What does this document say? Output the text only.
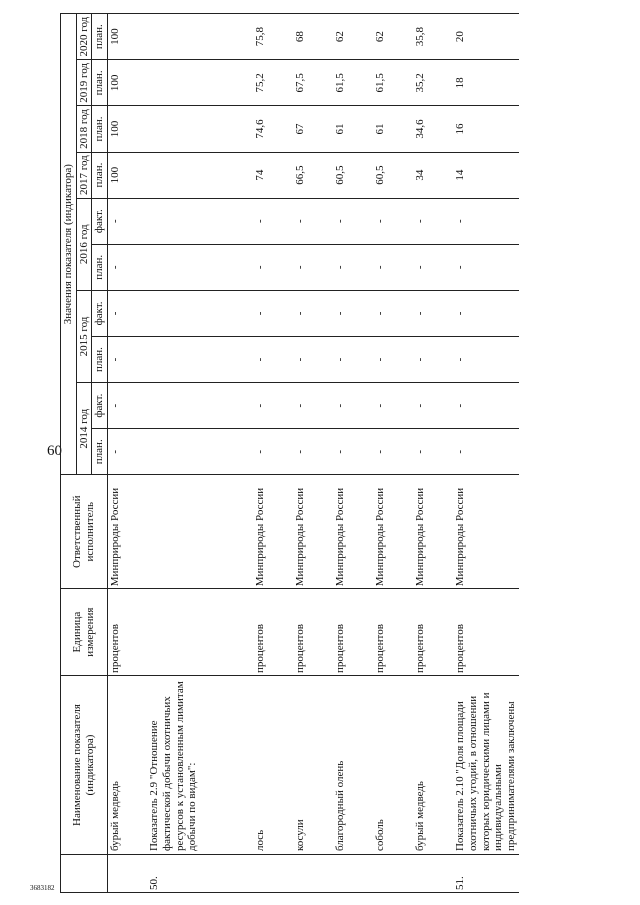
60
	Наименование показателя (индикатора)	Единица измерения	Ответственный исполнитель	Значения показателя (индикатора)									
				2014 год		2015 год		2016 год		2017 год	2018 год	2019 год	2020 год
				план.	факт.	план.	факт.	план.	факт.	план.	план.	план.	план.
	бурый медведь	процентов	Минприроды России	-	-	-	-	-	-	100	100	100	100
50.	Показатель 2.9 "Отношение фактической добычи охотничьих ресурсов к установленным лимитам добычи по видам":												
	лось	процентов	Минприроды России	-	-	-	-	-	-	74	74,6	75,2	75,8
	косули	процентов	Минприроды России	-	-	-	-	-	-	66,5	67	67,5	68
	благородный олень	процентов	Минприроды России	-	-	-	-	-	-	60,5	61	61,5	62
	соболь	процентов	Минприроды России	-	-	-	-	-	-	60,5	61	61,5	62
	бурый медведь	процентов	Минприроды России	-	-	-	-	-	-	34	34,6	35,2	35,8
51.	Показатель 2.10 "Доля площади охотничьих угодий, в отношении которых юридическими лицами и индивидуальными предпринимателями заключены	процентов	Минприроды России	-	-	-	-	-	-	14	16	18	20
3683182
